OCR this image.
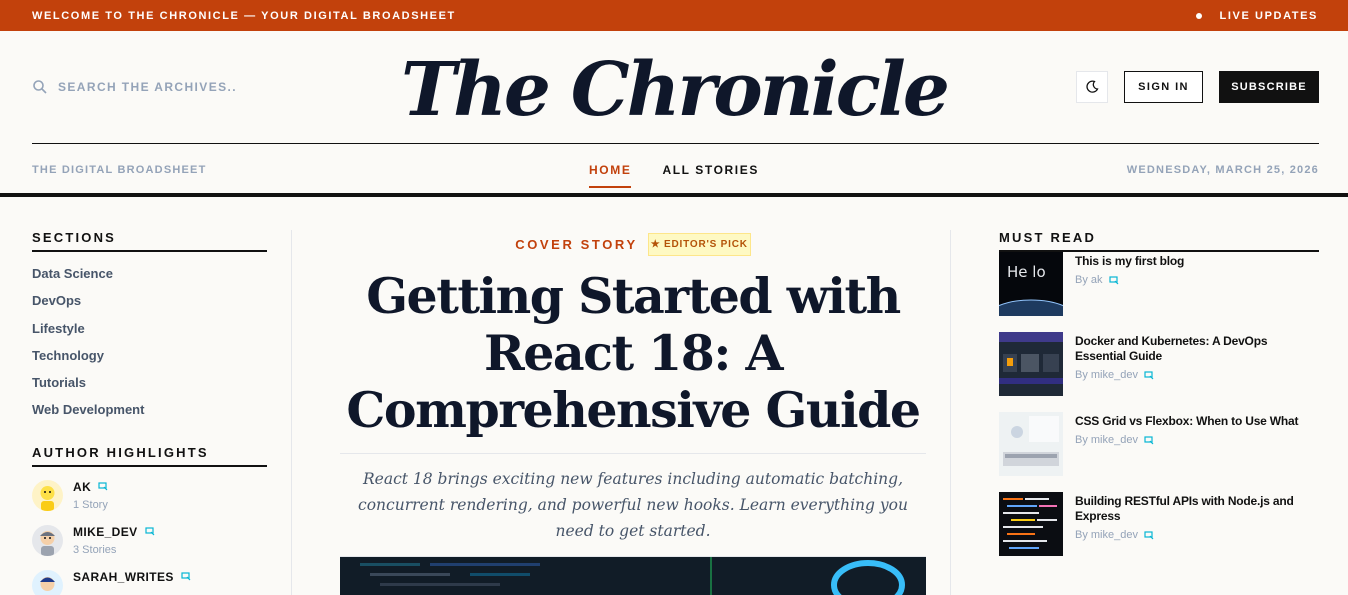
WELCOME TO THE CHRONICLE — YOUR DIGITAL BROADSHEET	LIVE UPDATES
SEARCH THE ARCHIVES..
The Chronicle	SIGN IN	SUBSCRIBE
THE DIGITAL BROADSHEET	HOME	ALL STORIES	WEDNESDAY, MARCH 25, 2026
SECTIONS
Data Science
DevOps
Lifestyle
Technology
Tutorials
Web Development
AUTHOR HIGHLIGHTS
AK
1 Story
MIKE_DEV
3 Stories
SARAH_WRITES
COVER STORY	★ EDITOR'S PICK
Getting Started with React 18: A Comprehensive Guide
React 18 brings exciting new features including automatic batching, concurrent rendering, and powerful new hooks. Learn everything you need to get started.
MUST READ
He lo
This is my first blog
By ak
Docker and Kubernetes: A DevOps Essential Guide
By mike_dev
CSS Grid vs Flexbox: When to Use What
By mike_dev
Building RESTful APIs with Node.js and Express
By mike_dev
